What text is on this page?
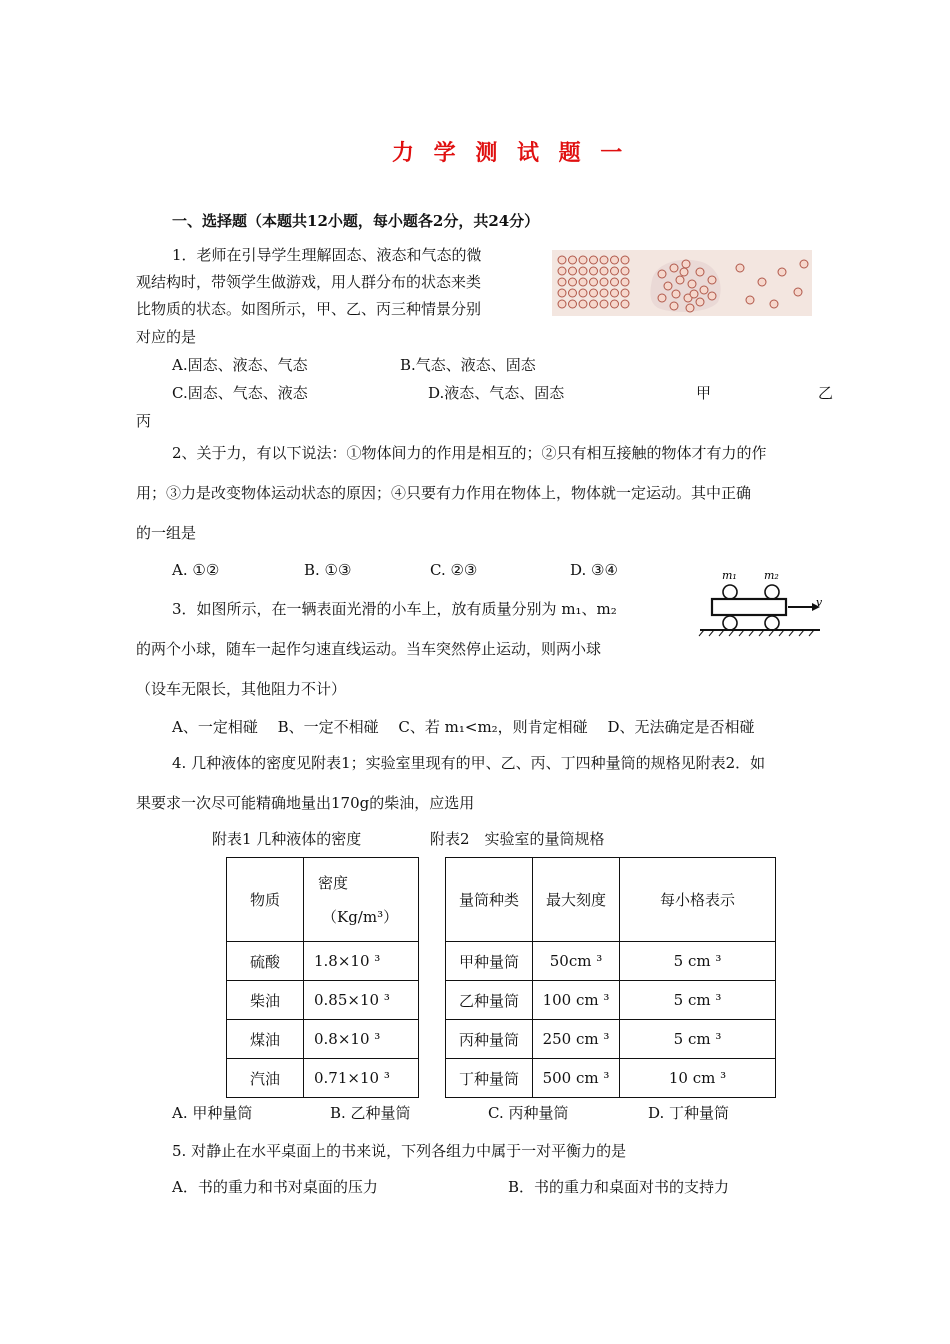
力 学 测 试 题 一
一、选择题（本题共12小题，每小题各2分，共24分）
1．老师在引导学生理解固态、液态和气态的微
观结构时，带领学生做游戏，用人群分布的状态来类
比物质的状态。如图所示，甲、乙、丙三种情景分别
对应的是
A.固态、液态、气态	B.气态、液态、固态
C.固态、气态、液态	D.液态、气态、固态	甲	乙
丙
2、关于力，有以下说法：①物体间力的作用是相互的；②只有相互接触的物体才有力的作
用；③力是改变物体运动状态的原因；④只要有力作用在物体上，物体就一定运动。其中正确
的一组是
A. ①②	B. ①③	C. ②③	D. ③④
3．如图所示，在一辆表面光滑的小车上，放有质量分别为 m₁、m₂
的两个小球，随车一起作匀速直线运动。当车突然停止运动，则两小球
（设车无限长，其他阻力不计）
A、一定相碰　 B、一定不相碰　 C、若 m₁<m₂，则肯定相碰　 D、无法确定是否相碰
m₁ m₂
v
4. 几种液体的密度见附表1；实验室里现有的甲、乙、丙、丁四种量筒的规格见附表2．如
果要求一次尽可能精确地量出170g的柴油，应选用
附表1 几种液体的密度	附表2　实验室的量筒规格
物质	密度
（Kg/m³）

硫酸	1.8×10 ³
柴油	0.85×10 ³
煤油	0.8×10 ³
汽油	0.71×10 ³
量筒种类	最大刻度	每小格表示
甲种量筒	50cm ³	5 cm ³
乙种量筒	100 cm ³	5 cm ³
丙种量筒	250 cm ³	5 cm ³
丁种量筒	500 cm ³	10 cm ³
A. 甲种量筒	B. 乙种量筒	C. 丙种量筒	D. 丁种量筒
5. 对静止在水平桌面上的书来说，下列各组力中属于一对平衡力的是
A．书的重力和书对桌面的压力	B．书的重力和桌面对书的支持力
